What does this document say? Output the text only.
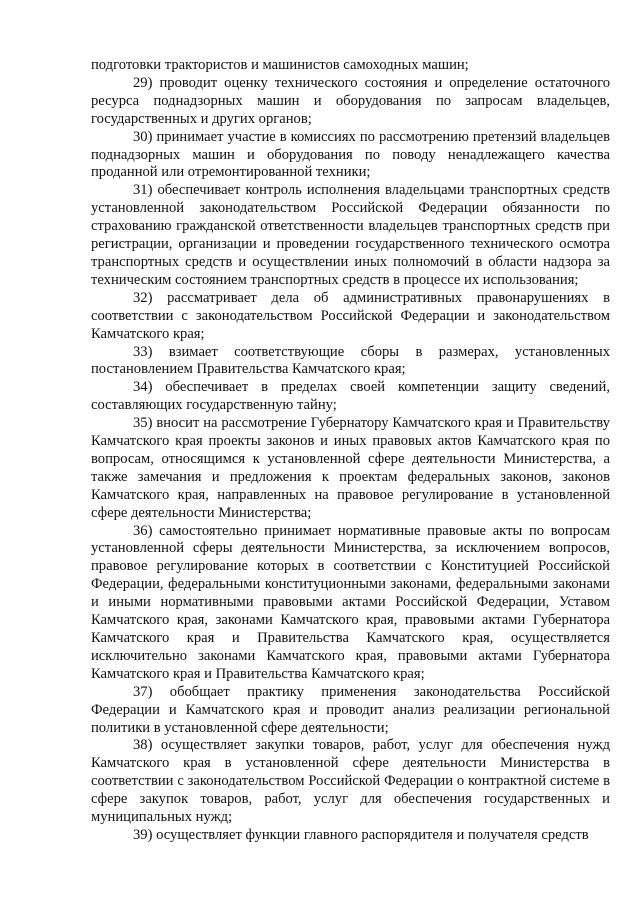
подготовки трактористов и машинистов самоходных машин;

29) проводит оценку технического состояния и определение остаточного ресурса поднадзорных машин и оборудования по запросам владельцев, государственных и других органов;

30) принимает участие в комиссиях по рассмотрению претензий владельцев поднадзорных машин и оборудования по поводу ненадлежащего качества проданной или отремонтированной техники;

31) обеспечивает контроль исполнения владельцами транспортных средств установленной законодательством Российской Федерации обязанности по страхованию гражданской ответственности владельцев транспортных средств при регистрации, организации и проведении государственного технического осмотра транспортных средств и осуществлении иных полномочий в области надзора за техническим состоянием транспортных средств в процессе их использования;

32) рассматривает дела об административных правонарушениях в соответствии с законодательством Российской Федерации и законодательством Камчатского края;

33) взимает соответствующие сборы в размерах, установленных постановлением Правительства Камчатского края;

34) обеспечивает в пределах своей компетенции защиту сведений, составляющих государственную тайну;

35) вносит на рассмотрение Губернатору Камчатского края и Правительству Камчатского края проекты законов и иных правовых актов Камчатского края по вопросам, относящимся к установленной сфере деятельности Министерства, а также замечания и предложения к проектам федеральных законов, законов Камчатского края, направленных на правовое регулирование в установленной сфере деятельности Министерства;

36) самостоятельно принимает нормативные правовые акты по вопросам установленной сферы деятельности Министерства, за исключением вопросов, правовое регулирование которых в соответствии с Конституцией Российской Федерации, федеральными конституционными законами, федеральными законами и иными нормативными правовыми актами Российской Федерации, Уставом Камчатского края, законами Камчатского края, правовыми актами Губернатора Камчатского края и Правительства Камчатского края, осуществляется исключительно законами Камчатского края, правовыми актами Губернатора Камчатского края и Правительства Камчатского края;

37) обобщает практику применения законодательства Российской Федерации и Камчатского края и проводит анализ реализации региональной политики в установленной сфере деятельности;

38) осуществляет закупки товаров, работ, услуг для обеспечения нужд Камчатского края в установленной сфере деятельности Министерства в соответствии с законодательством Российской Федерации о контрактной системе в сфере закупок товаров, работ, услуг для обеспечения государственных и муниципальных нужд;

39) осуществляет функции главного распорядителя и получателя средств
